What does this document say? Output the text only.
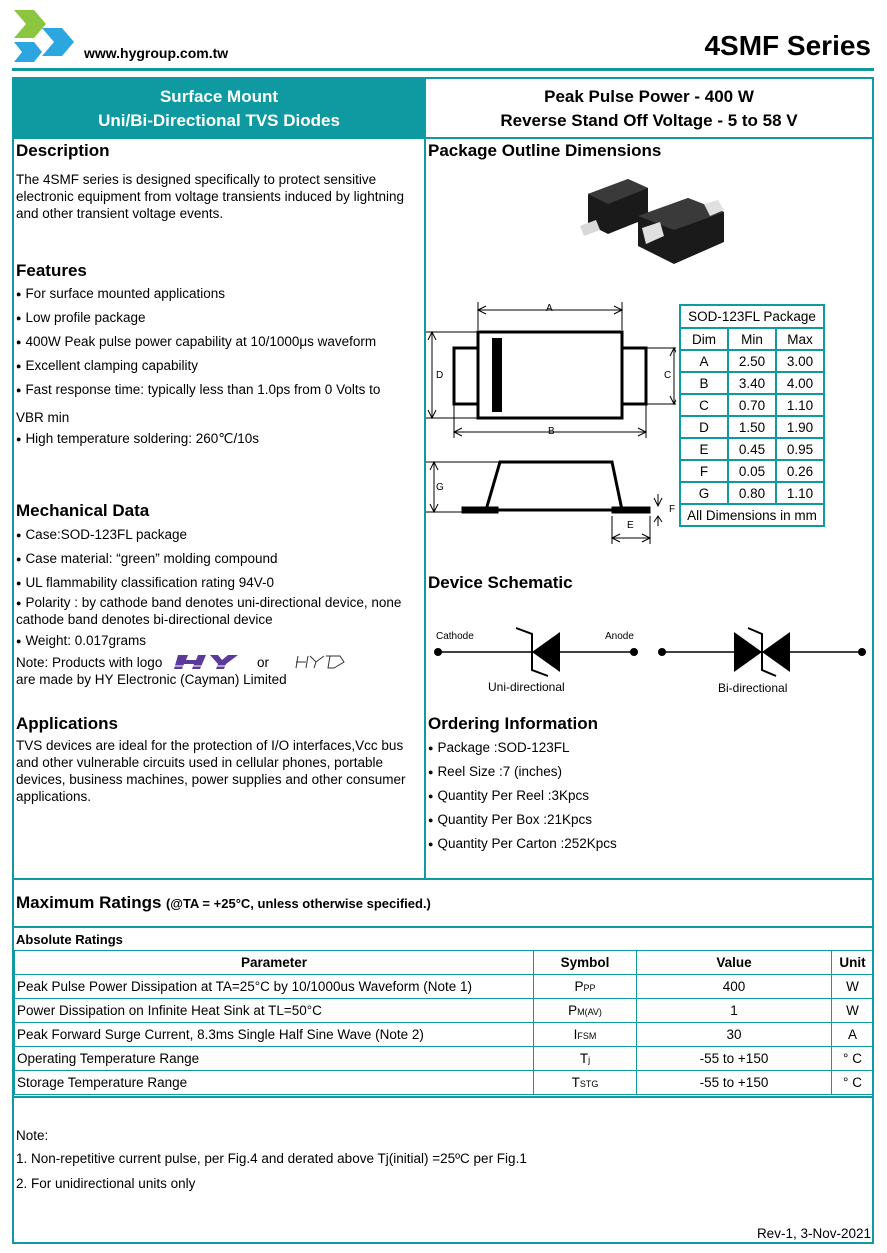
www.hygroup.com.tw	4SMF Series
Surface Mount
Uni/Bi-Directional TVS Diodes
Peak Pulse Power - 400 W
Reverse Stand Off Voltage - 5 to 58 V
Description
The 4SMF series is designed specifically to protect sensitive electronic equipment from voltage transients induced by lightning and other transient voltage events.
Features
● For surface mounted applications
● Low profile package
● 400W Peak pulse power capability at 10/1000μs waveform
● Excellent clamping capability
● Fast response time: typically less than 1.0ps from 0 Volts to
VBR min
● High temperature soldering: 260℃/10s
Mechanical Data
● Case:SOD-123FL package
● Case material: “green” molding compound
● UL flammability classification rating 94V-0
● Polarity : by cathode band denotes uni-directional device, none
cathode band denotes bi-directional device
● Weight: 0.017grams
Note: Products with logo	or
are made by HY Electronic (Cayman) Limited
Applications
TVS devices are ideal for the protection of I/O interfaces,Vcc bus and other vulnerable circuits used in cellular phones, portable devices, business machines, power supplies and other consumer applications.
Package Outline Dimensions
A
D	C
B
G
F
E
SOD-123FL Package		
Dim	Min	Max
A	2.50	3.00
B	3.40	4.00
C	0.70	1.10
D	1.50	1.90
E	0.45	0.95
F	0.05	0.26
G	0.80	1.10
All Dimensions in mm		
Device Schematic
Cathode	Anode
Uni-directional	Bi-directional
Ordering Information
● Package :SOD-123FL
● Reel Size :7 (inches)
● Quantity Per Reel :3Kpcs
● Quantity Per Box :21Kpcs
● Quantity Per Carton :252Kpcs
Maximum Ratings (@TA = +25°C, unless otherwise specified.)
Absolute Ratings
Parameter	Symbol	Value	Unit
Peak Pulse Power Dissipation at TA=25°C by 10/1000us Waveform (Note 1)	PPP	400	W
Power Dissipation on Infinite Heat Sink at TL=50°C	PM(AV)	1	W
Peak Forward Surge Current, 8.3ms Single Half Sine Wave (Note 2)	IFSM	30	A
Operating Temperature Range	Tj	-55 to +150	° C
Storage Temperature Range	TSTG	-55 to +150	° C
Note:
1. Non-repetitive current pulse, per Fig.4 and derated above Tj(initial) =25ºC per Fig.1
2. For unidirectional units only
Rev-1, 3-Nov-2021
